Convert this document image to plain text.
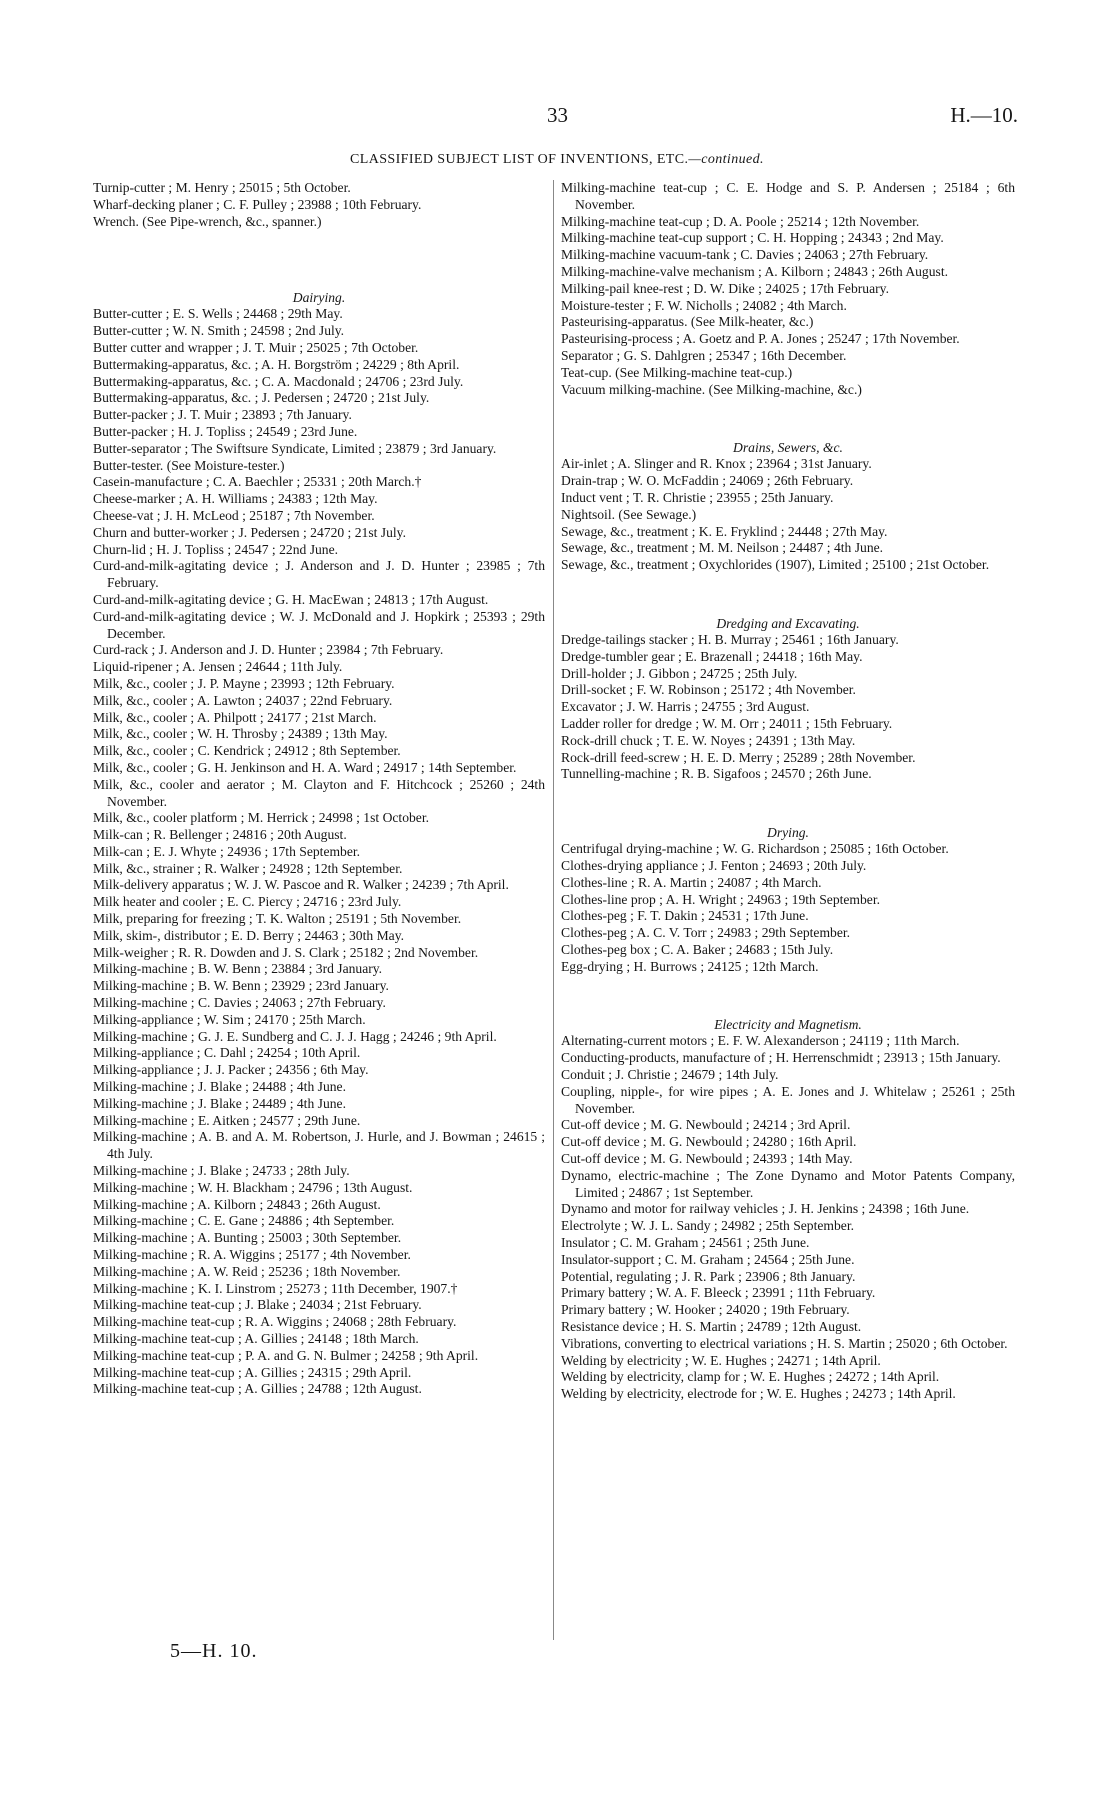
33	H.—10.
CLASSIFIED SUBJECT LIST OF INVENTIONS, ETC.—continued.

Turnip-cutter ; M. Henry ; 25015 ; 5th October.

Wharf-decking planer ; C. F. Pulley ; 23988 ; 10th February.

Wrench. (See Pipe-wrench, &c., spanner.)

Dairying.

Butter-cutter ; E. S. Wells ; 24468 ; 29th May.

Butter-cutter ; W. N. Smith ; 24598 ; 2nd July.

Butter cutter and wrapper ; J. T. Muir ; 25025 ; 7th October.

Buttermaking-apparatus, &c. ; A. H. Borgström ; 24229 ; 8th April.

Buttermaking-apparatus, &c. ; C. A. Macdonald ; 24706 ; 23rd July.

Buttermaking-apparatus, &c. ; J. Pedersen ; 24720 ; 21st July.

Butter-packer ; J. T. Muir ; 23893 ; 7th January.

Butter-packer ; H. J. Topliss ; 24549 ; 23rd June.

Butter-separator ; The Swiftsure Syndicate, Limited ; 23879 ; 3rd January.

Butter-tester. (See Moisture-tester.)

Casein-manufacture ; C. A. Baechler ; 25331 ; 20th March.†

Cheese-marker ; A. H. Williams ; 24383 ; 12th May.

Cheese-vat ; J. H. McLeod ; 25187 ; 7th November.

Churn and butter-worker ; J. Pedersen ; 24720 ; 21st July.

Churn-lid ; H. J. Topliss ; 24547 ; 22nd June.

Curd-and-milk-agitating device ; J. Anderson and J. D. Hunter ; 23985 ; 7th February.

Curd-and-milk-agitating device ; G. H. MacEwan ; 24813 ; 17th August.

Curd-and-milk-agitating device ; W. J. McDonald and J. Hopkirk ; 25393 ; 29th December.

Curd-rack ; J. Anderson and J. D. Hunter ; 23984 ; 7th February.

Liquid-ripener ; A. Jensen ; 24644 ; 11th July.

Milk, &c., cooler ; J. P. Mayne ; 23993 ; 12th February.

Milk, &c., cooler ; A. Lawton ; 24037 ; 22nd February.

Milk, &c., cooler ; A. Philpott ; 24177 ; 21st March.

Milk, &c., cooler ; W. H. Throsby ; 24389 ; 13th May.

Milk, &c., cooler ; C. Kendrick ; 24912 ; 8th September.

Milk, &c., cooler ; G. H. Jenkinson and H. A. Ward ; 24917 ; 14th September.

Milk, &c., cooler and aerator ; M. Clayton and F. Hitchcock ; 25260 ; 24th November.

Milk, &c., cooler platform ; M. Herrick ; 24998 ; 1st October.

Milk-can ; R. Bellenger ; 24816 ; 20th August.

Milk-can ; E. J. Whyte ; 24936 ; 17th September.

Milk, &c., strainer ; R. Walker ; 24928 ; 12th September.

Milk-delivery apparatus ; W. J. W. Pascoe and R. Walker ; 24239 ; 7th April.

Milk heater and cooler ; E. C. Piercy ; 24716 ; 23rd July.

Milk, preparing for freezing ; T. K. Walton ; 25191 ; 5th November.

Milk, skim-, distributor ; E. D. Berry ; 24463 ; 30th May.

Milk-weigher ; R. R. Dowden and J. S. Clark ; 25182 ; 2nd November.

Milking-machine ; B. W. Benn ; 23884 ; 3rd January.

Milking-machine ; B. W. Benn ; 23929 ; 23rd January.

Milking-machine ; C. Davies ; 24063 ; 27th February.

Milking-appliance ; W. Sim ; 24170 ; 25th March.

Milking-machine ; G. J. E. Sundberg and C. J. J. Hagg ; 24246 ; 9th April.

Milking-appliance ; C. Dahl ; 24254 ; 10th April.

Milking-appliance ; J. J. Packer ; 24356 ; 6th May.

Milking-machine ; J. Blake ; 24488 ; 4th June.

Milking-machine ; J. Blake ; 24489 ; 4th June.

Milking-machine ; E. Aitken ; 24577 ; 29th June.

Milking-machine ; A. B. and A. M. Robertson, J. Hurle, and J. Bowman ; 24615 ; 4th July.

Milking-machine ; J. Blake ; 24733 ; 28th July.

Milking-machine ; W. H. Blackham ; 24796 ; 13th August.

Milking-machine ; A. Kilborn ; 24843 ; 26th August.

Milking-machine ; C. E. Gane ; 24886 ; 4th September.

Milking-machine ; A. Bunting ; 25003 ; 30th September.

Milking-machine ; R. A. Wiggins ; 25177 ; 4th November.

Milking-machine ; A. W. Reid ; 25236 ; 18th November.

Milking-machine ; K. I. Linstrom ; 25273 ; 11th December, 1907.†

Milking-machine teat-cup ; J. Blake ; 24034 ; 21st February.

Milking-machine teat-cup ; R. A. Wiggins ; 24068 ; 28th February.

Milking-machine teat-cup ; A. Gillies ; 24148 ; 18th March.

Milking-machine teat-cup ; P. A. and G. N. Bulmer ; 24258 ; 9th April.

Milking-machine teat-cup ; A. Gillies ; 24315 ; 29th April.

Milking-machine teat-cup ; A. Gillies ; 24788 ; 12th August.

Milking-machine teat-cup ; C. E. Hodge and S. P. Andersen ; 25184 ; 6th November.

Milking-machine teat-cup ; D. A. Poole ; 25214 ; 12th November.

Milking-machine teat-cup support ; C. H. Hopping ; 24343 ; 2nd May.

Milking-machine vacuum-tank ; C. Davies ; 24063 ; 27th February.

Milking-machine-valve mechanism ; A. Kilborn ; 24843 ; 26th August.

Milking-pail knee-rest ; D. W. Dike ; 24025 ; 17th February.

Moisture-tester ; F. W. Nicholls ; 24082 ; 4th March.

Pasteurising-apparatus. (See Milk-heater, &c.)

Pasteurising-process ; A. Goetz and P. A. Jones ; 25247 ; 17th November.

Separator ; G. S. Dahlgren ; 25347 ; 16th December.

Teat-cup. (See Milking-machine teat-cup.)

Vacuum milking-machine. (See Milking-machine, &c.)

Drains, Sewers, &c.

Air-inlet ; A. Slinger and R. Knox ; 23964 ; 31st January.

Drain-trap ; W. O. McFaddin ; 24069 ; 26th February.

Induct vent ; T. R. Christie ; 23955 ; 25th January.

Nightsoil. (See Sewage.)

Sewage, &c., treatment ; K. E. Fryklind ; 24448 ; 27th May.

Sewage, &c., treatment ; M. M. Neilson ; 24487 ; 4th June.

Sewage, &c., treatment ; Oxychlorides (1907), Limited ; 25100 ; 21st October.

Dredging and Excavating.

Dredge-tailings stacker ; H. B. Murray ; 25461 ; 16th January.

Dredge-tumbler gear ; E. Brazenall ; 24418 ; 16th May.

Drill-holder ; J. Gibbon ; 24725 ; 25th July.

Drill-socket ; F. W. Robinson ; 25172 ; 4th November.

Excavator ; J. W. Harris ; 24755 ; 3rd August.

Ladder roller for dredge ; W. M. Orr ; 24011 ; 15th February.

Rock-drill chuck ; T. E. W. Noyes ; 24391 ; 13th May.

Rock-drill feed-screw ; H. E. D. Merry ; 25289 ; 28th November.

Tunnelling-machine ; R. B. Sigafoos ; 24570 ; 26th June.

Drying.

Centrifugal drying-machine ; W. G. Richardson ; 25085 ; 16th October.

Clothes-drying appliance ; J. Fenton ; 24693 ; 20th July.

Clothes-line ; R. A. Martin ; 24087 ; 4th March.

Clothes-line prop ; A. H. Wright ; 24963 ; 19th September.

Clothes-peg ; F. T. Dakin ; 24531 ; 17th June.

Clothes-peg ; A. C. V. Torr ; 24983 ; 29th September.

Clothes-peg box ; C. A. Baker ; 24683 ; 15th July.

Egg-drying ; H. Burrows ; 24125 ; 12th March.

Electricity and Magnetism.

Alternating-current motors ; E. F. W. Alexanderson ; 24119 ; 11th March.

Conducting-products, manufacture of ; H. Herrenschmidt ; 23913 ; 15th January.

Conduit ; J. Christie ; 24679 ; 14th July.

Coupling, nipple-, for wire pipes ; A. E. Jones and J. Whitelaw ; 25261 ; 25th November.

Cut-off device ; M. G. Newbould ; 24214 ; 3rd April.

Cut-off device ; M. G. Newbould ; 24280 ; 16th April.

Cut-off device ; M. G. Newbould ; 24393 ; 14th May.

Dynamo, electric-machine ; The Zone Dynamo and Motor Patents Company, Limited ; 24867 ; 1st September.

Dynamo and motor for railway vehicles ; J. H. Jenkins ; 24398 ; 16th June.

Electrolyte ; W. J. L. Sandy ; 24982 ; 25th September.

Insulator ; C. M. Graham ; 24561 ; 25th June.

Insulator-support ; C. M. Graham ; 24564 ; 25th June.

Potential, regulating ; J. R. Park ; 23906 ; 8th January.

Primary battery ; W. A. F. Bleeck ; 23991 ; 11th February.

Primary battery ; W. Hooker ; 24020 ; 19th February.

Resistance device ; H. S. Martin ; 24789 ; 12th August.

Vibrations, converting to electrical variations ; H. S. Martin ; 25020 ; 6th October.

Welding by electricity ; W. E. Hughes ; 24271 ; 14th April.

Welding by electricity, clamp for ; W. E. Hughes ; 24272 ; 14th April.

Welding by electricity, electrode for ; W. E. Hughes ; 24273 ; 14th April.

5—H. 10.
